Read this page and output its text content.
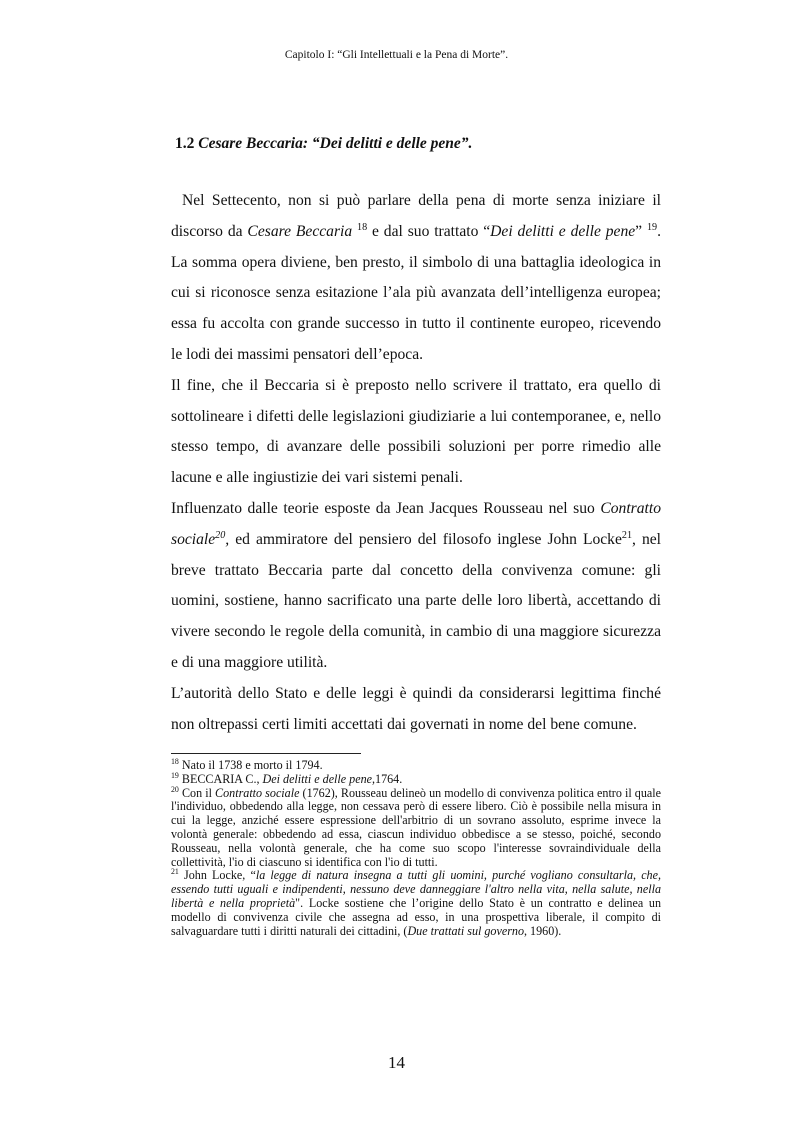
Capitolo I: “Gli Intellettuali e la Pena di Morte”.
1.2 Cesare Beccaria: “Dei delitti e delle pene”.

Nel Settecento, non si può parlare della pena di morte senza iniziare il discorso da Cesare Beccaria $^{18}$ e dal suo trattato “Dei delitti e delle pene” $^{19}$. La somma opera diviene, ben presto, il simbolo di una battaglia ideologica in cui si riconosce senza esitazione l’ala più avanzata dell’intelligenza europea; essa fu accolta con grande successo in tutto il continente europeo, ricevendo le lodi dei massimi pensatori dell’epoca.

Il fine, che il Beccaria si è preposto nello scrivere il trattato, era quello di sottolineare i difetti delle legislazioni giudiziarie a lui contemporanee, e, nello stesso tempo, di avanzare delle possibili soluzioni per porre rimedio alle lacune e alle ingiustizie dei vari sistemi penali.

Influenzato dalle teorie esposte da Jean Jacques Rousseau nel suo Contratto sociale$^{20}$, ed ammiratore del pensiero del filosofo inglese John Locke$^{21}$, nel breve trattato Beccaria parte dal concetto della convivenza comune: gli uomini, sostiene, hanno sacrificato una parte delle loro libertà, accettando di vivere secondo le regole della comunità, in cambio di una maggiore sicurezza e di una maggiore utilità.

L’autorità dello Stato e delle leggi è quindi da considerarsi legittima finché non oltrepassi certi limiti accettati dai governati in nome del bene comune.

$^{18}$ Nato il 1738 e morto il 1794.

$^{19}$ BECCARIA C., Dei delitti e delle pene,1764.

$^{20}$ Con il Contratto sociale (1762), Rousseau delineò un modello di convivenza politica entro il quale l'individuo, obbedendo alla legge, non cessava però di essere libero. Ciò è possibile nella misura in cui la legge, anziché essere espressione dell'arbitrio di un sovrano assoluto, esprime invece la volontà generale: obbedendo ad essa, ciascun individuo obbedisce a se stesso, poiché, secondo Rousseau, nella volontà generale, che ha come suo scopo l'interesse sovraindividuale della collettività, l'io di ciascuno si identifica con l'io di tutti.

$^{21}$ John Locke, “la legge di natura insegna a tutti gli uomini, purché vogliano consultarla, che, essendo tutti uguali e indipendenti, nessuno deve danneggiare l'altro nella vita, nella salute, nella libertà e nella proprietà". Locke sostiene che l’origine dello Stato è un contratto e delinea un modello di convivenza civile che assegna ad esso, in una prospettiva liberale, il compito di salvaguardare tutti i diritti naturali dei cittadini, (Due trattati sul governo, 1960).

14
